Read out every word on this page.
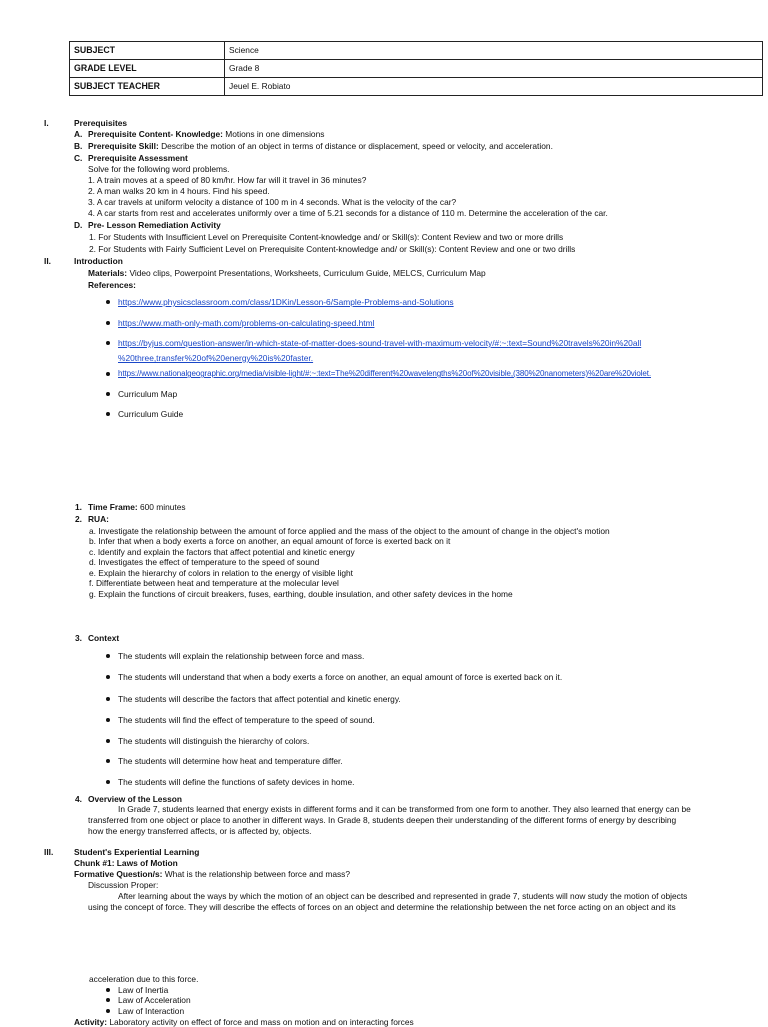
SUBJECT	Science
GRADE LEVEL	Grade 8
SUBJECT TEACHER	Jeuel E. Robiato
I.	Prerequisites
A. Prerequisite Content- Knowledge: Motions in one dimensions
B. Prerequisite Skill: Describe the motion of an object in terms of distance or displacement, speed or velocity, and acceleration.
C. Prerequisite Assessment
Solve for the following word problems.
1. A train moves at a speed of 80 km/hr. How far will it travel in 36 minutes?
2. A man walks 20 km in 4 hours. Find his speed.
3. A car travels at uniform velocity a distance of 100 m in 4 seconds. What is the velocity of the car?
4. A car starts from rest and accelerates uniformly over a time of 5.21 seconds for a distance of 110 m. Determine the acceleration of the car.
D. Pre- Lesson Remediation Activity
1. For Students with Insufficient Level on Prerequisite Content-knowledge and/ or Skill(s): Content Review and two or more drills
2. For Students with Fairly Sufficient Level on Prerequisite Content-knowledge and/ or Skill(s): Content Review and one or two drills
II.	Introduction
Materials: Video clips, Powerpoint Presentations, Worksheets, Curriculum Guide, MELCS, Curriculum Map
References:
https://www.physicsclassroom.com/class/1DKin/Lesson-6/Sample-Problems-and-Solutions
https://www.math-only-math.com/problems-on-calculating-speed.html
https://byjus.com/question-answer/in-which-state-of-matter-does-sound-travel-with-maximum-velocity/#:~:text=Sound%20travels%20in%20all
%20three,transfer%20of%20energy%20is%20faster.
https://www.nationalgeographic.org/media/visible-light/#:~:text=The%20different%20wavelengths%20of%20visible,(380%20nanometers)%20are%20violet.
Curriculum Map
Curriculum Guide
1. Time Frame: 600 minutes
2. RUA:
a. Investigate the relationship between the amount of force applied and the mass of the object to the amount of change in the object's motion
b. Infer that when a body exerts a force on another, an equal amount of force is exerted back on it
c. Identify and explain the factors that affect potential and kinetic energy
d. Investigates the effect of temperature to the speed of sound
e. Explain the hierarchy of colors in relation to the energy of visible light
f. Differentiate between heat and temperature at the molecular level
g. Explain the functions of circuit breakers, fuses, earthing, double insulation, and other safety devices in the home
3. Context
The students will explain the relationship between force and mass.
The students will understand that when a body exerts a force on another, an equal amount of force is exerted back on it.
The students will describe the factors that affect potential and kinetic energy.
The students will find the effect of temperature to the speed of sound.
The students will distinguish the hierarchy of colors.
The students will determine how heat and temperature differ.
The students will define the functions of safety devices in home.
4. Overview of the Lesson
In Grade 7, students learned that energy exists in different forms and it can be transformed from one form to another. They also learned that energy can be
transferred from one object or place to another in different ways. In Grade 8, students deepen their understanding of the different forms of energy by describing
how the energy transferred affects, or is affected by, objects.
III. Student's Experiential Learning
Chunk #1: Laws of Motion
Formative Question/s: What is the relationship between force and mass?
Discussion Proper:
After learning about the ways by which the motion of an object can be described and represented in grade 7, students will now study the motion of objects
using the concept of force. They will describe the effects of forces on an object and determine the relationship between the net force acting on an object and its
acceleration due to this force.
Law of Inertia
Law of Acceleration
Law of Interaction
Activity: Laboratory activity on effect of force and mass on motion and on interacting forces
